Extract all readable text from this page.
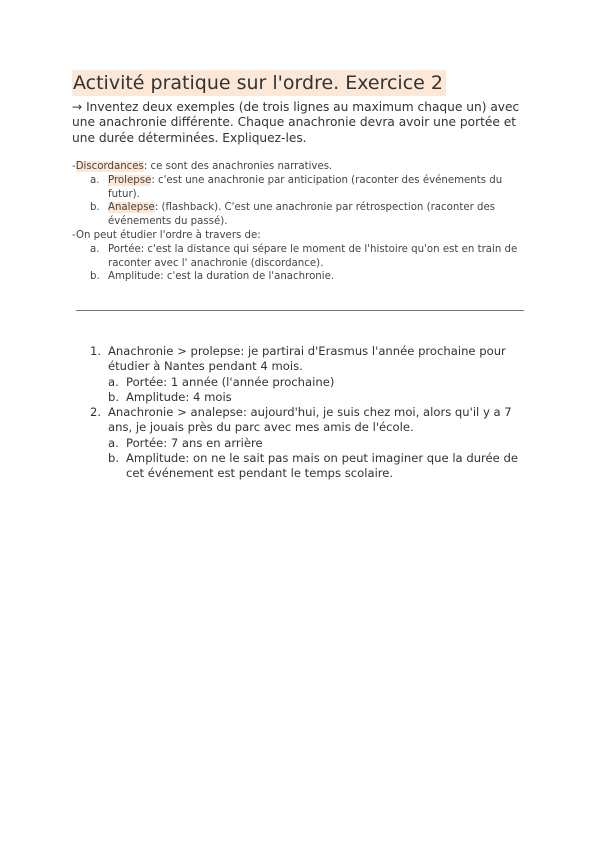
Activité pratique sur l'ordre. Exercice 2

→ Inventez deux exemples (de trois lignes au maximum chaque un) avec une anachronie différente. Chaque anachronie devra avoir une portée et une durée déterminées. Expliquez-les.

-Discordances: ce sont des anachronies narratives.

a. Prolepse: c'est une anachronie par anticipation (raconter des événements du futur).
b. Analepse: (flashback). C'est une anachronie par rétrospection (raconter des événements du passé).

-On peut étudier l'ordre à travers de:

a. Portée: c'est la distance qui sépare le moment de l'histoire qu'on est en train de raconter avec l' anachronie (discordance).
b. Amplitude: c'est la duration de l'anachronie.
1. Anachronie > prolepse: je partirai d'Erasmus l'année prochaine pour étudier à Nantes pendant 4 mois.
a. Portée: 1 année (l'année prochaine)
b. Amplitude: 4 mois
2. Anachronie > analepse: aujourd'hui, je suis chez moi, alors qu'il y a 7 ans, je jouais près du parc avec mes amis de l'école.
a. Portée: 7 ans en arrière
b. Amplitude: on ne le sait pas mais on peut imaginer que la durée de cet événement est pendant le temps scolaire.
